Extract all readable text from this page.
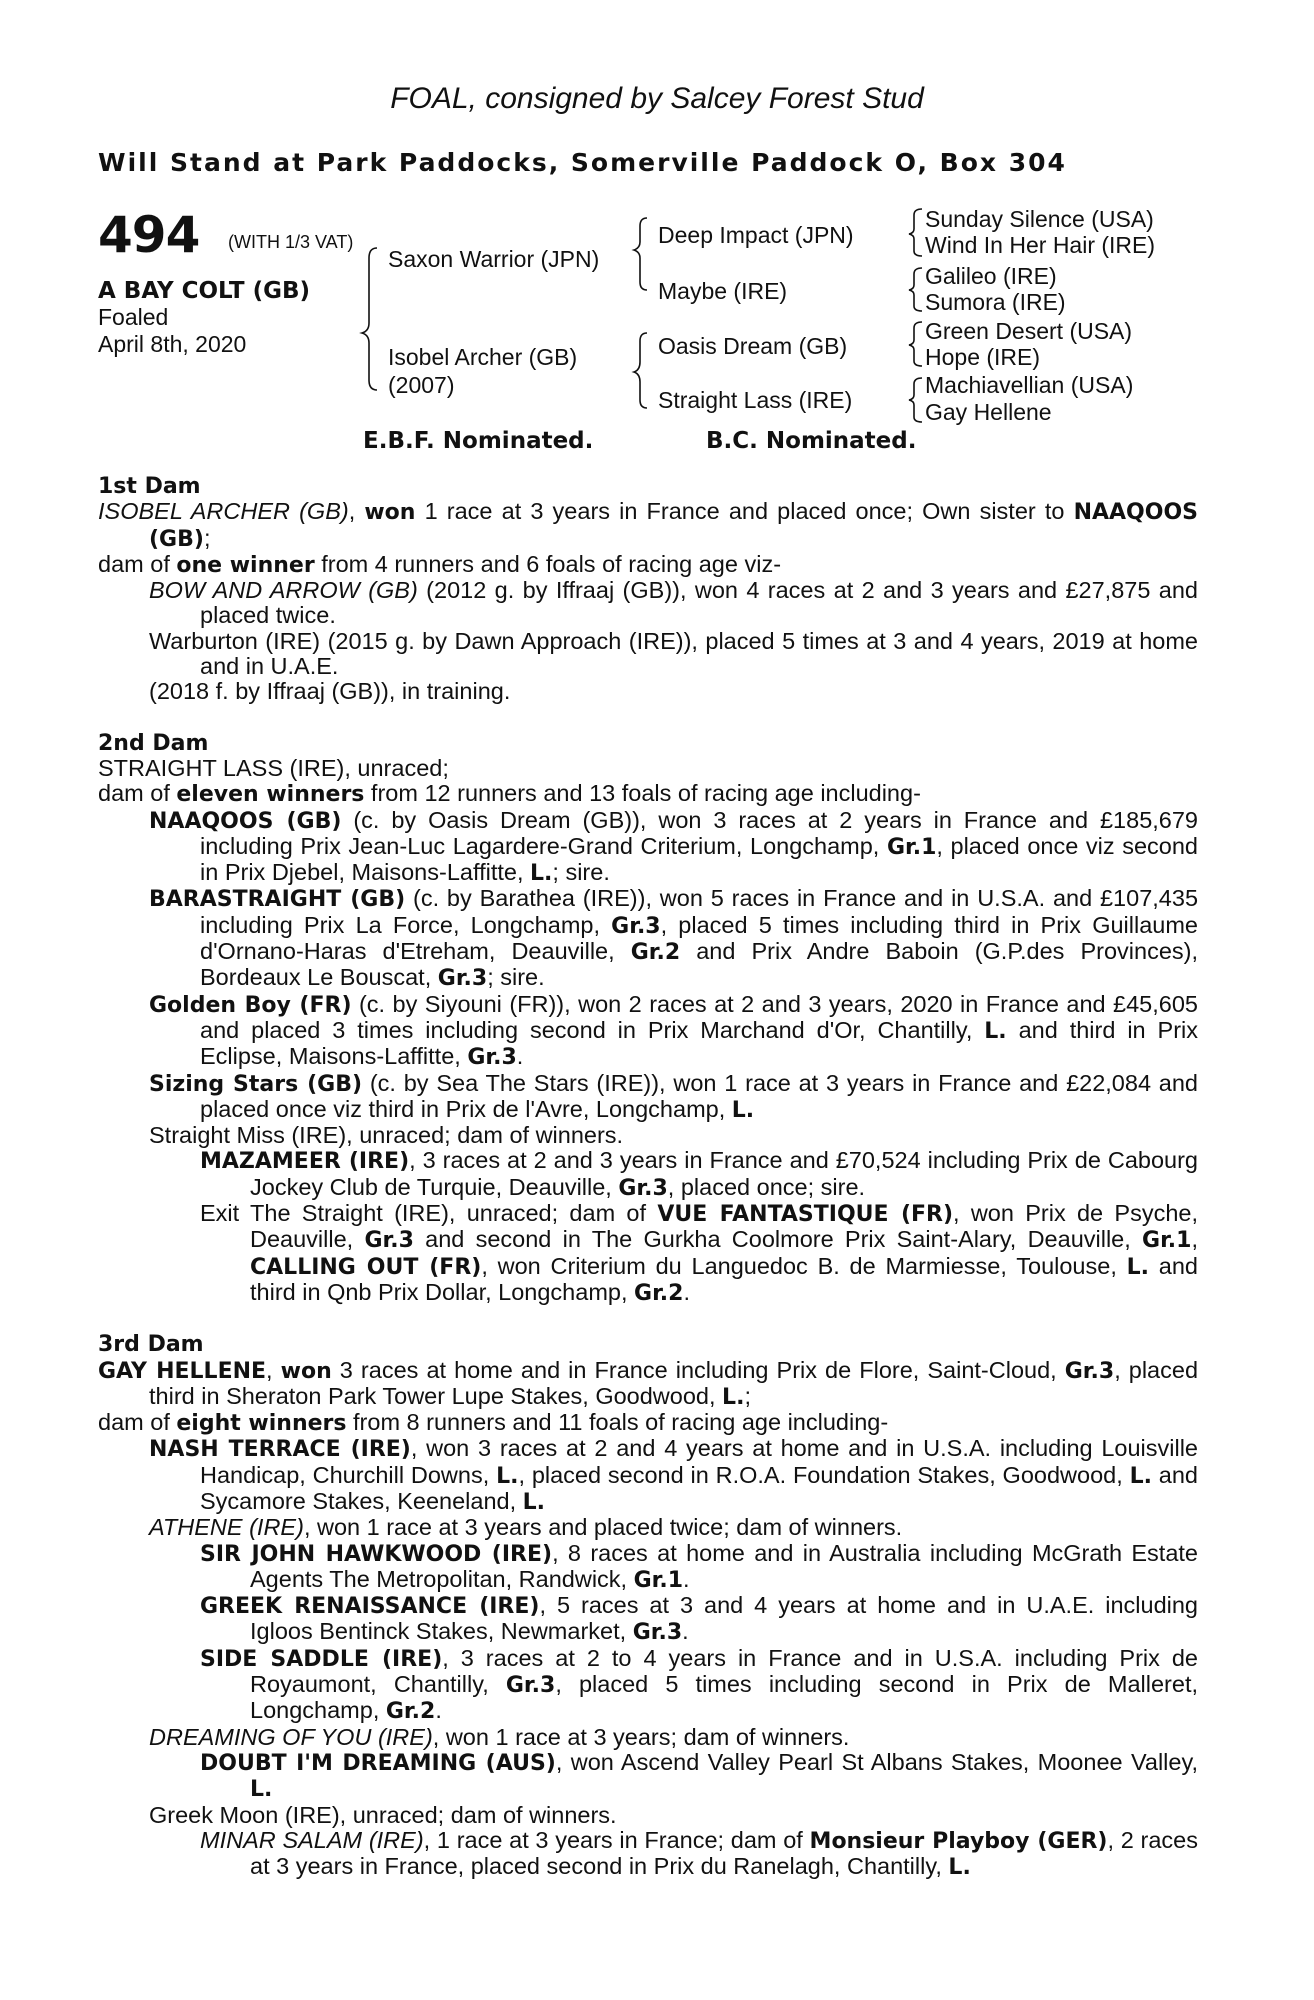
FOAL, consigned by Salcey Forest Stud
Will Stand at Park Paddocks, Somerville Paddock O, Box 304
494 (WITH 1/3 VAT)
A BAY COLT (GB)
Foaled
April 8th, 2020
Saxon Warrior (JPN)
Isobel Archer (GB)
(2007)
Deep Impact (JPN)
Maybe (IRE)
Oasis Dream (GB)
Straight Lass (IRE)
Sunday Silence (USA)
Wind In Her Hair (IRE)
Galileo (IRE)
Sumora (IRE)
Green Desert (USA)
Hope (IRE)
Machiavellian (USA)
Gay Hellene
E.B.F. Nominated.	B.C. Nominated.
1st Dam
ISOBEL ARCHER (GB), won 1 race at 3 years in France and placed once; Own sister to NAAQOOS (GB);
dam of one winner from 4 runners and 6 foals of racing age viz-
BOW AND ARROW (GB) (2012 g. by Iffraaj (GB)), won 4 races at 2 and 3 years and £27,875 and placed twice.
Warburton (IRE) (2015 g. by Dawn Approach (IRE)), placed 5 times at 3 and 4 years, 2019 at home and in U.A.E.
(2018 f. by Iffraaj (GB)), in training.
2nd Dam
STRAIGHT LASS (IRE), unraced;
dam of eleven winners from 12 runners and 13 foals of racing age including-
NAAQOOS (GB) (c. by Oasis Dream (GB)), won 3 races at 2 years in France and £185,679 including Prix Jean-Luc Lagardere-Grand Criterium, Longchamp, Gr.1, placed once viz second in Prix Djebel, Maisons-Laffitte, L.; sire.
BARASTRAIGHT (GB) (c. by Barathea (IRE)), won 5 races in France and in U.S.A. and £107,435 including Prix La Force, Longchamp, Gr.3, placed 5 times including third in Prix Guillaume d'Ornano-Haras d'Etreham, Deauville, Gr.2 and Prix Andre Baboin (G.P.des Provinces), Bordeaux Le Bouscat, Gr.3; sire.
Golden Boy (FR) (c. by Siyouni (FR)), won 2 races at 2 and 3 years, 2020 in France and £45,605 and placed 3 times including second in Prix Marchand d'Or, Chantilly, L. and third in Prix Eclipse, Maisons-Laffitte, Gr.3.
Sizing Stars (GB) (c. by Sea The Stars (IRE)), won 1 race at 3 years in France and £22,084 and placed once viz third in Prix de l'Avre, Longchamp, L.
Straight Miss (IRE), unraced; dam of winners.
MAZAMEER (IRE), 3 races at 2 and 3 years in France and £70,524 including Prix de Cabourg Jockey Club de Turquie, Deauville, Gr.3, placed once; sire.
Exit The Straight (IRE), unraced; dam of VUE FANTASTIQUE (FR), won Prix de Psyche, Deauville, Gr.3 and second in The Gurkha Coolmore Prix Saint-Alary, Deauville, Gr.1, CALLING OUT (FR), won Criterium du Languedoc B. de Marmiesse, Toulouse, L. and third in Qnb Prix Dollar, Longchamp, Gr.2.
3rd Dam
GAY HELLENE, won 3 races at home and in France including Prix de Flore, Saint-Cloud, Gr.3, placed third in Sheraton Park Tower Lupe Stakes, Goodwood, L.;
dam of eight winners from 8 runners and 11 foals of racing age including-
NASH TERRACE (IRE), won 3 races at 2 and 4 years at home and in U.S.A. including Louisville Handicap, Churchill Downs, L., placed second in R.O.A. Foundation Stakes, Goodwood, L. and Sycamore Stakes, Keeneland, L.
ATHENE (IRE), won 1 race at 3 years and placed twice; dam of winners.
SIR JOHN HAWKWOOD (IRE), 8 races at home and in Australia including McGrath Estate Agents The Metropolitan, Randwick, Gr.1.
GREEK RENAISSANCE (IRE), 5 races at 3 and 4 years at home and in U.A.E. including Igloos Bentinck Stakes, Newmarket, Gr.3.
SIDE SADDLE (IRE), 3 races at 2 to 4 years in France and in U.S.A. including Prix de Royaumont, Chantilly, Gr.3, placed 5 times including second in Prix de Malleret, Longchamp, Gr.2.
DREAMING OF YOU (IRE), won 1 race at 3 years; dam of winners.
DOUBT I'M DREAMING (AUS), won Ascend Valley Pearl St Albans Stakes, Moonee Valley, L.
Greek Moon (IRE), unraced; dam of winners.
MINAR SALAM (IRE), 1 race at 3 years in France; dam of Monsieur Playboy (GER), 2 races at 3 years in France, placed second in Prix du Ranelagh, Chantilly, L.
